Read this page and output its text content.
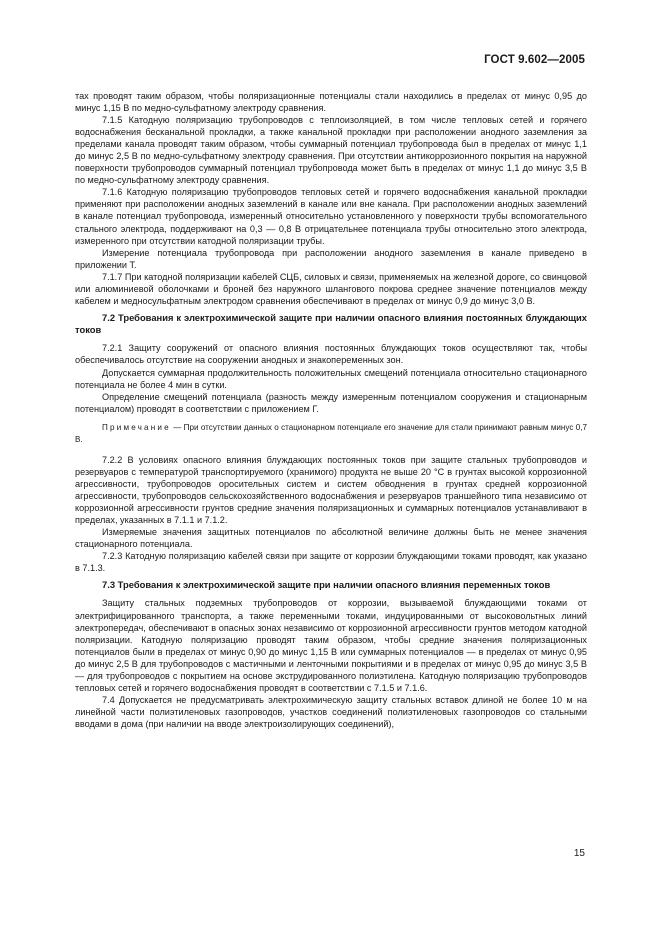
ГОСТ 9.602—2005

тах проводят таким образом, чтобы поляризационные потенциалы стали находились в пределах от минус 0,95 до минус 1,15 В по медно-сульфатному электроду сравнения.

7.1.5 Катодную поляризацию трубопроводов с теплоизоляцией, в том числе тепловых сетей и горячего водоснабжения бесканальной прокладки, а также канальной прокладки при расположении анодного заземления за пределами канала проводят таким образом, чтобы суммарный потенциал трубопровода был в пределах от минус 1,1 до минус 2,5 В по медно-сульфатному электроду сравнения. При отсутствии антикоррозионного покрытия на наружной поверхности трубопроводов суммарный потенциал трубопровода может быть в пределах от минус 1,1 до минус 3,5 В по медно-сульфатному электроду сравнения.

7.1.6 Катодную поляризацию трубопроводов тепловых сетей и горячего водоснабжения канальной прокладки применяют при расположении анодных заземлений в канале или вне канала. При расположении анодных заземлений в канале потенциал трубопровода, измеренный относительно установленного у поверхности трубы вспомогательного стального электрода, поддерживают на 0,3 — 0,8 В отрицательнее потенциала трубы относительно этого электрода, измеренного при отсутствии катодной поляризации трубы.

Измерение потенциала трубопровода при расположении анодного заземления в канале приведено в приложении Т.

7.1.7 При катодной поляризации кабелей СЦБ, силовых и связи, применяемых на железной дороге, со свинцовой или алюминиевой оболочками и броней без наружного шлангового покрова среднее значение потенциалов между кабелем и медносульфатным электродом сравнения обеспечивают в пределах от минус 0,9 до минус 3,0 В.

7.2 Требования к электрохимической защите при наличии опасного влияния постоянных блуждающих токов

7.2.1 Защиту сооружений от опасного влияния постоянных блуждающих токов осуществляют так, чтобы обеспечивалось отсутствие на сооружении анодных и знакопеременных зон.

Допускается суммарная продолжительность положительных смещений потенциала относительно стационарного потенциала не более 4 мин в сутки.

Определение смещений потенциала (разность между измеренным потенциалом сооружения и стационарным потенциалом) проводят в соответствии с приложением Г.

Примечание — При отсутствии данных о стационарном потенциале его значение для стали принимают равным минус 0,7 В.

7.2.2 В условиях опасного влияния блуждающих постоянных токов при защите стальных трубопроводов и резервуаров с температурой транспортируемого (хранимого) продукта не выше 20 °С в грунтах высокой коррозионной агрессивности, трубопроводов оросительных систем и систем обводнения в грунтах средней коррозионной агрессивности, трубопроводов сельскохозяйственного водоснабжения и резервуаров траншейного типа независимо от коррозионной агрессивности грунтов средние значения поляризационных и суммарных потенциалов устанавливают в пределах, указанных в 7.1.1 и 7.1.2.

Измеряемые значения защитных потенциалов по абсолютной величине должны быть не менее значения стационарного потенциала.

7.2.3 Катодную поляризацию кабелей связи при защите от коррозии блуждающими токами проводят, как указано в 7.1.3.

7.3 Требования к электрохимической защите при наличии опасного влияния переменных токов

Защиту стальных подземных трубопроводов от коррозии, вызываемой блуждающими токами от электрифицированного транспорта, а также переменными токами, индуцированными от высоковольтных линий электропередач, обеспечивают в опасных зонах независимо от коррозионной агрессивности грунтов методом катодной поляризации. Катодную поляризацию проводят таким образом, чтобы средние значения поляризационных потенциалов были в пределах от минус 0,90 до минус 1,15 В или суммарных потенциалов — в пределах от минус 0,95 до минус 2,5 В для трубопроводов с мастичными и ленточными покрытиями и в пределах от минус 0,95 до минус 3,5 В — для трубопроводов с покрытием на основе экструдированного полиэтилена. Катодную поляризацию трубопроводов тепловых сетей и горячего водоснабжения проводят в соответствии с 7.1.5 и 7.1.6.

7.4 Допускается не предусматривать электрохимическую защиту стальных вставок длиной не более 10 м на линейной части полиэтиленовых газопроводов, участков соединений полиэтиленовых газопроводов со стальными вводами в дома (при наличии на вводе электроизолирующих соединений),

15
